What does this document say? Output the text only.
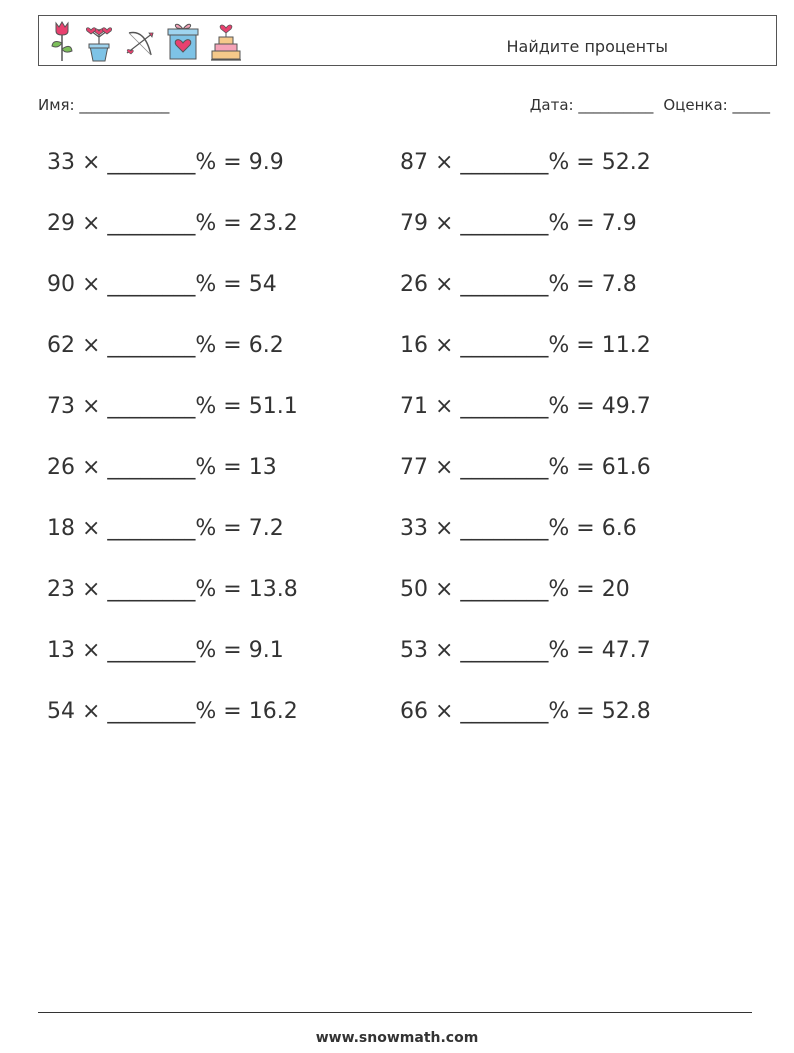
Найдите проценты
Имя: ____________	Дата: __________ Оценка: _____
33 × ________% = 9.9	87 × ________% = 52.2
29 × ________% = 23.2	79 × ________% = 7.9
90 × ________% = 54	26 × ________% = 7.8
62 × ________% = 6.2	16 × ________% = 11.2
73 × ________% = 51.1	71 × ________% = 49.7
26 × ________% = 13	77 × ________% = 61.6
18 × ________% = 7.2	33 × ________% = 6.6
23 × ________% = 13.8	50 × ________% = 20
13 × ________% = 9.1	53 × ________% = 47.7
54 × ________% = 16.2	66 × ________% = 52.8
www.snowmath.com
